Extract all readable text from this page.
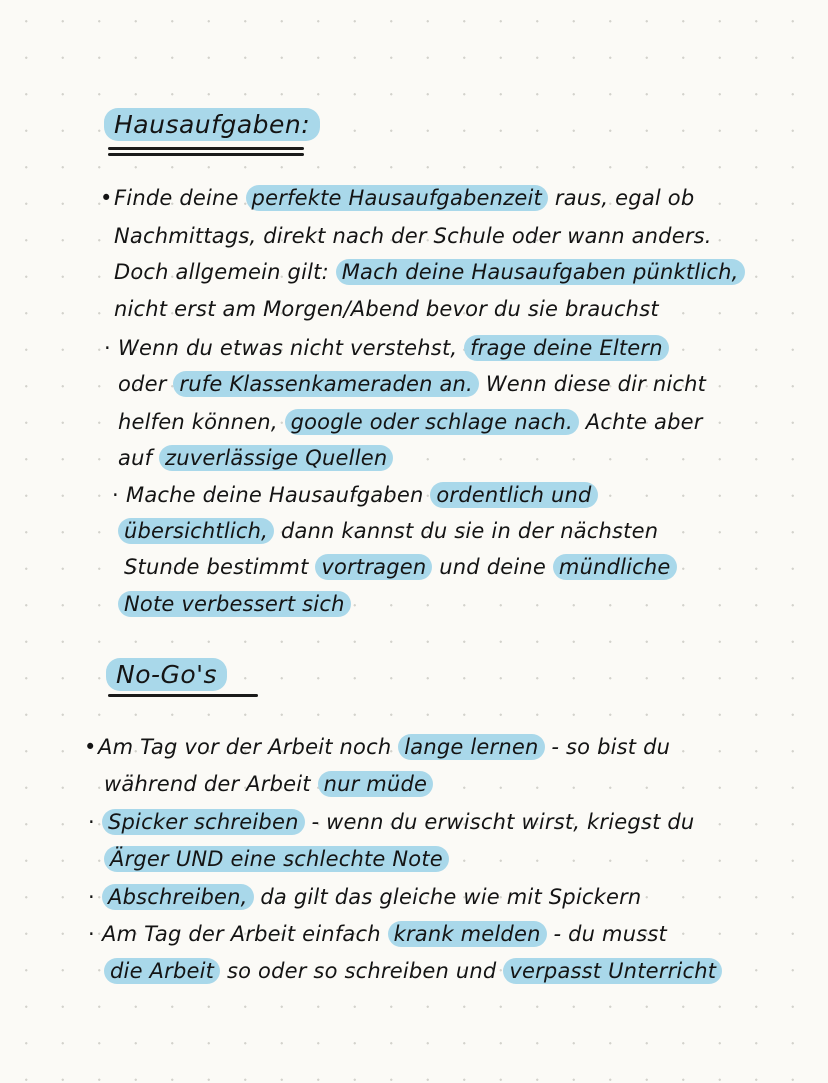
Hausaufgaben:
•Finde deine perfekte Hausaufgabenzeit raus, egal ob
Nachmittags, direkt nach der Schule oder wann anders.
Doch allgemein gilt: Mach deine Hausaufgaben pünktlich,
nicht erst am Morgen/Abend bevor du sie brauchst
· Wenn du etwas nicht verstehst, frage deine Eltern
oder rufe Klassenkameraden an. Wenn diese dir nicht
helfen können, google oder schlage nach. Achte aber
auf zuverlässige Quellen
· Mache deine Hausaufgaben ordentlich und
übersichtlich, dann kannst du sie in der nächsten
Stunde bestimmt vortragen und deine mündliche
Note verbessert sich
No-Go's
•Am Tag vor der Arbeit noch lange lernen - so bist du
während der Arbeit nur müde
· Spicker schreiben - wenn du erwischt wirst, kriegst du
Ärger UND eine schlechte Note
· Abschreiben, da gilt das gleiche wie mit Spickern
· Am Tag der Arbeit einfach krank melden - du musst
die Arbeit so oder so schreiben und verpasst Unterricht
